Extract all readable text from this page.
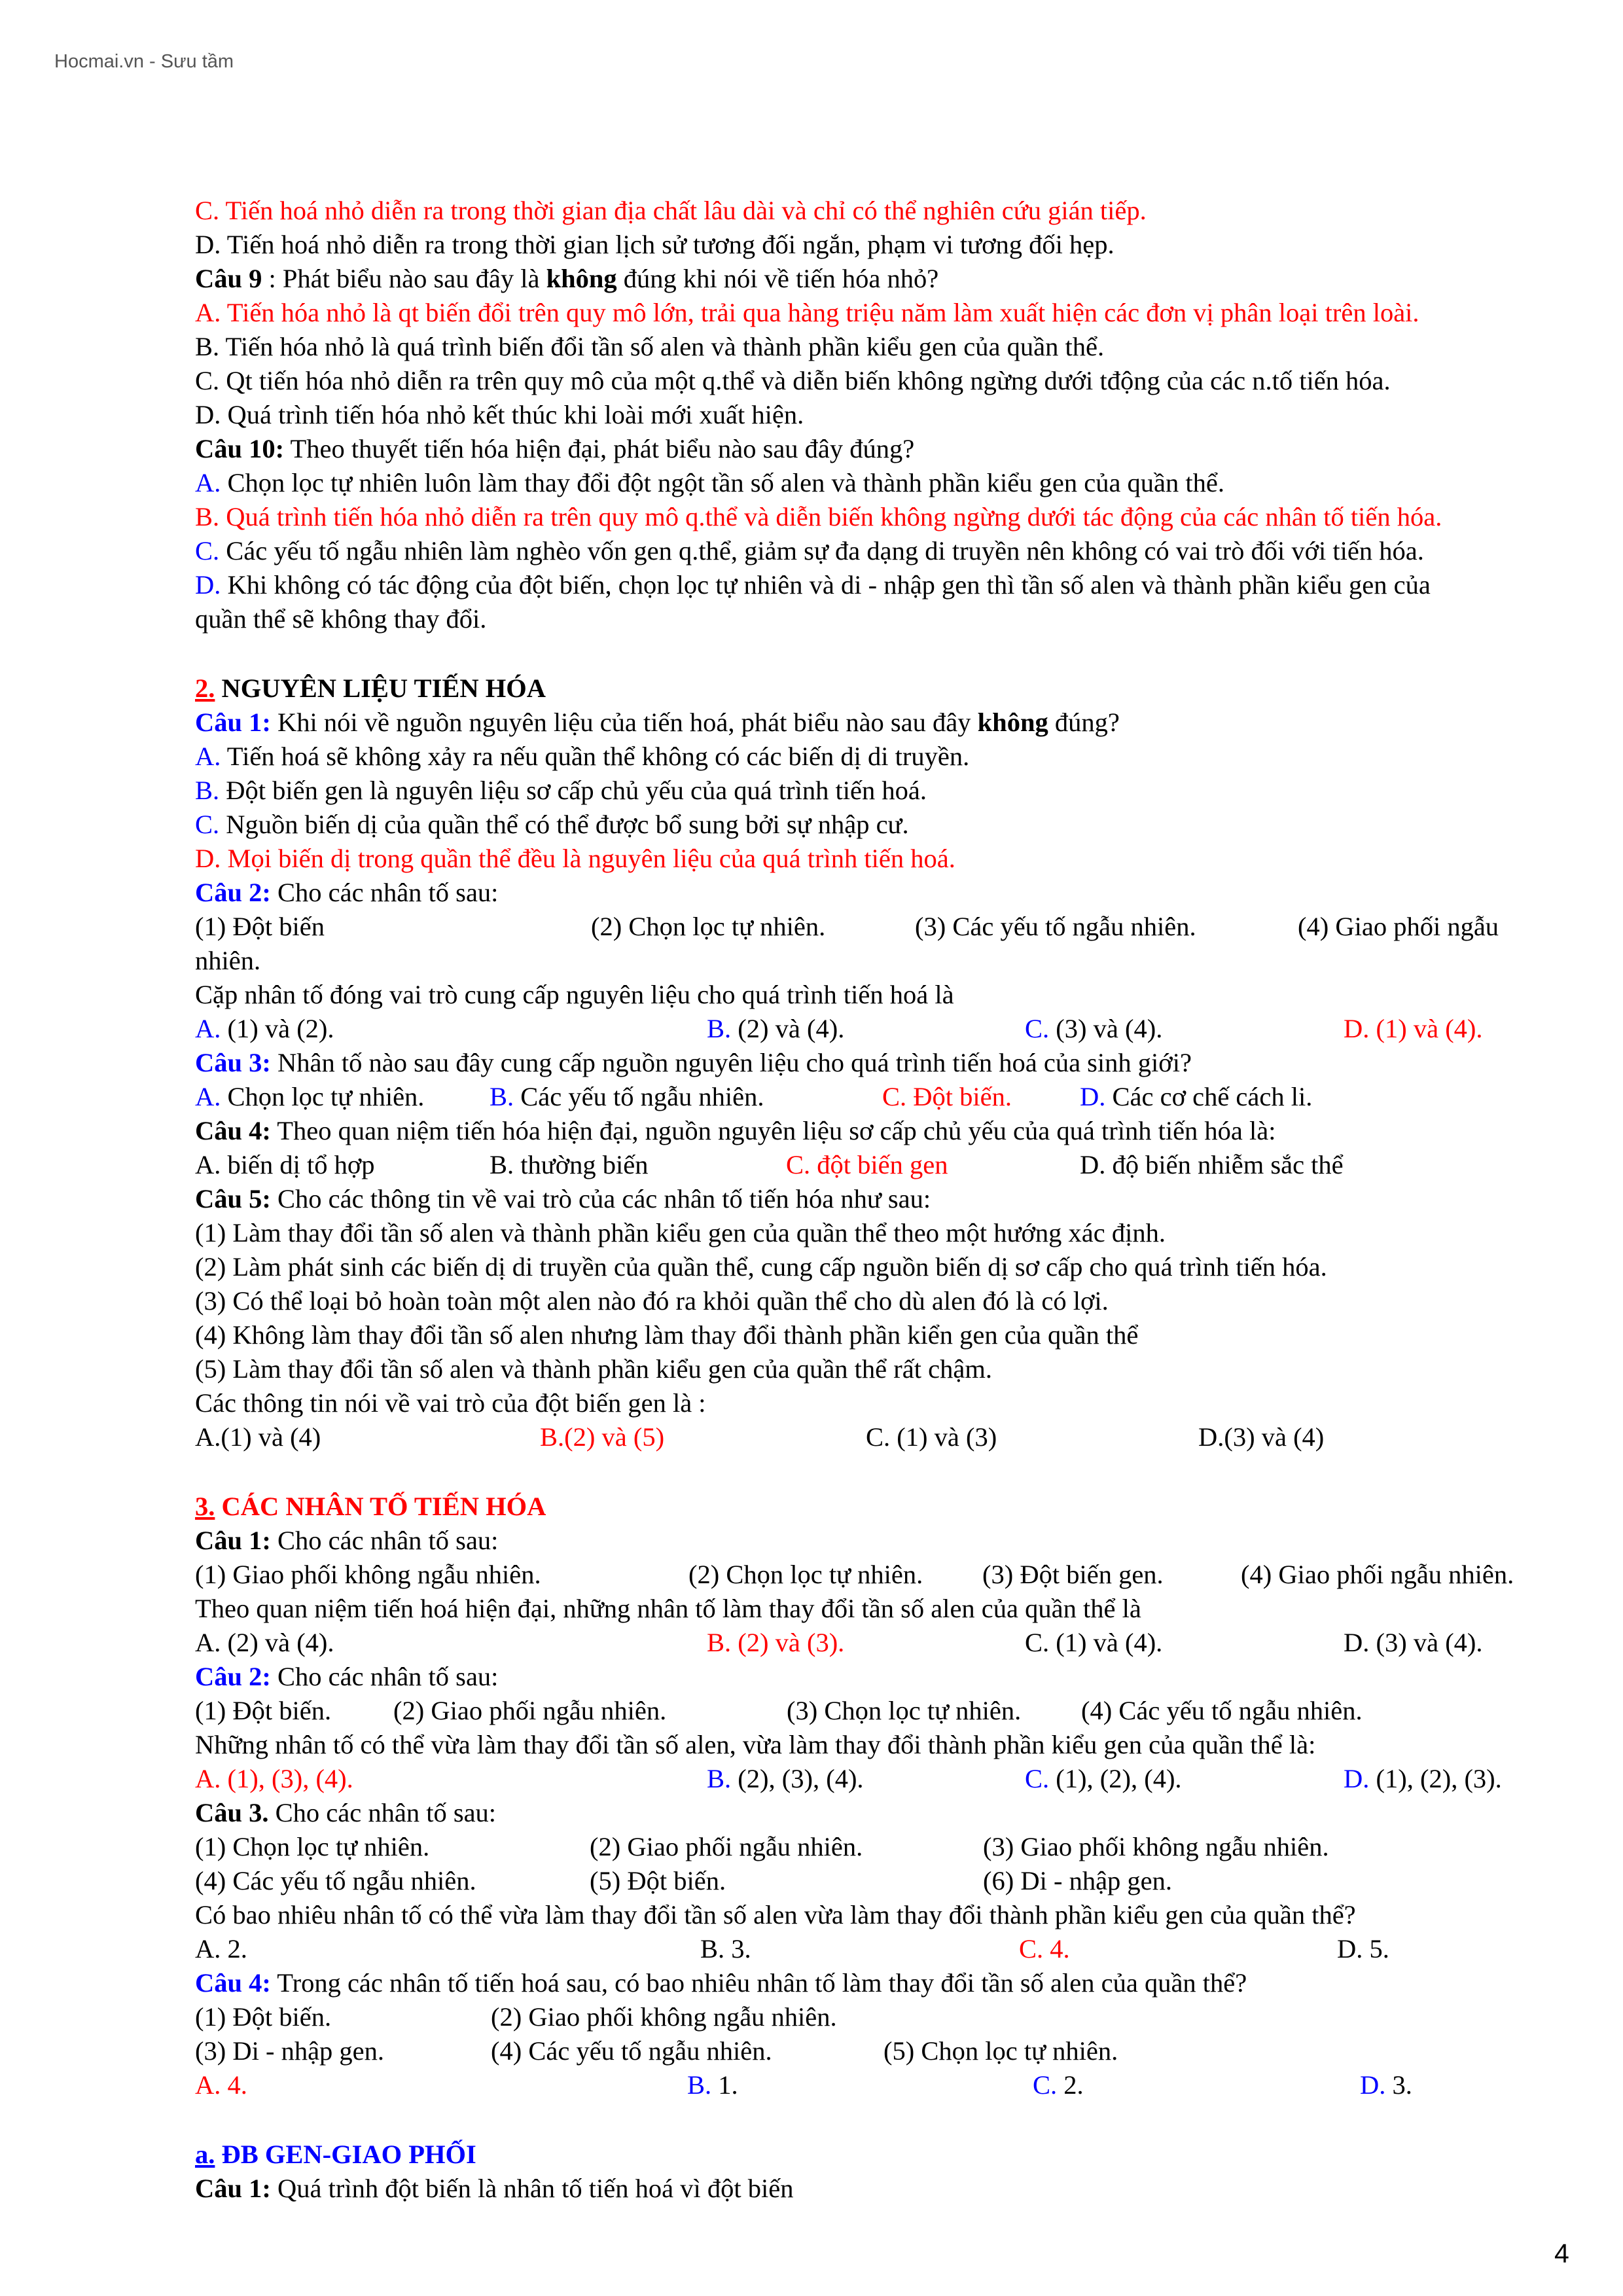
Hocmai.vn - Sưu tầm
C. Tiến hoá nhỏ diễn ra trong thời gian địa chất lâu dài và chỉ có thể nghiên cứu gián tiếp.
D. Tiến hoá nhỏ diễn ra trong thời gian lịch sử tương đối ngắn, phạm vi tương đối hẹp.
Câu 9 : Phát biểu nào sau đây là không đúng khi nói về tiến hóa nhỏ?
A. Tiến hóa nhỏ là qt biến đổi trên quy mô lớn, trải qua hàng triệu năm làm xuất hiện các đơn vị phân loại trên loài.
B. Tiến hóa nhỏ là quá trình biến đổi tần số alen và thành phần kiểu gen của quần thể.
C. Qt tiến hóa nhỏ diễn ra trên quy mô của một q.thể và diễn biến không ngừng dưới tđộng của các n.tố tiến hóa.
D. Quá trình tiến hóa nhỏ kết thúc khi loài mới xuất hiện.
Câu 10: Theo thuyết tiến hóa hiện đại, phát biểu nào sau đây đúng?
A. Chọn lọc tự nhiên luôn làm thay đổi đột ngột tần số alen và thành phần kiểu gen của quần thể.
B. Quá trình tiến hóa nhỏ diễn ra trên quy mô q.thể và diễn biến không ngừng dưới tác động của các nhân tố tiến hóa.
C. Các yếu tố ngẫu nhiên làm nghèo vốn gen q.thể, giảm sự đa dạng di truyền nên không có vai trò đối với tiến hóa.
D. Khi không có tác động của đột biến, chọn lọc tự nhiên và di - nhập gen thì tần số alen và thành phần kiểu gen của
quần thể sẽ không thay đổi.
2. NGUYÊN LIỆU TIẾN HÓA
Câu 1: Khi nói về nguồn nguyên liệu của tiến hoá, phát biểu nào sau đây không đúng?
A. Tiến hoá sẽ không xảy ra nếu quần thể không có các biến dị di truyền.
B. Đột biến gen là nguyên liệu sơ cấp chủ yếu của quá trình tiến hoá.
C. Nguồn biến dị của quần thể có thể được bổ sung bởi sự nhập cư.
D. Mọi biến dị trong quần thể đều là nguyên liệu của quá trình tiến hoá.
Câu 2: Cho các nhân tố sau:
(1) Đột biến	(2) Chọn lọc tự nhiên.	(3) Các yếu tố ngẫu nhiên.	(4) Giao phối ngẫu
nhiên.
Cặp nhân tố đóng vai trò cung cấp nguyên liệu cho quá trình tiến hoá là
A. (1) và (2).	B. (2) và (4).	C. (3) và (4).	D. (1) và (4).
Câu 3: Nhân tố nào sau đây cung cấp nguồn nguyên liệu cho quá trình tiến hoá của sinh giới?
A. Chọn lọc tự nhiên. B. Các yếu tố ngẫu nhiên.	C. Đột biến.	D. Các cơ chế cách li.
Câu 4: Theo quan niệm tiến hóa hiện đại, nguồn nguyên liệu sơ cấp chủ yếu của quá trình tiến hóa là:
A. biến dị tổ hợp	B. thường biến	C. đột biến gen	D. độ biến nhiễm sắc thể
Câu 5: Cho các thông tin về vai trò của các nhân tố tiến hóa như sau:
(1) Làm thay đổi tần số alen và thành phần kiểu gen của quần thể theo một hướng xác định.
(2) Làm phát sinh các biến dị di truyền của quần thể, cung cấp nguồn biến dị sơ cấp cho quá trình tiến hóa.
(3) Có thể loại bỏ hoàn toàn một alen nào đó ra khỏi quần thể cho dù alen đó là có lợi.
(4) Không làm thay đổi tần số alen nhưng làm thay đổi thành phần kiển gen của quần thể
(5) Làm thay đổi tần số alen và thành phần kiểu gen của quần thể rất chậm.
Các thông tin nói về vai trò của đột biến gen là :
A.(1) và (4)	B.(2) và (5)	C. (1) và (3)	D.(3) và (4)
3. CÁC NHÂN TỐ TIẾN HÓA
Câu 1: Cho các nhân tố sau:
(1) Giao phối không ngẫu nhiên.	(2) Chọn lọc tự nhiên. (3) Đột biến gen.	(4) Giao phối ngẫu nhiên.
Theo quan niệm tiến hoá hiện đại, những nhân tố làm thay đổi tần số alen của quần thể là
A. (2) và (4).	B. (2) và (3).	C. (1) và (4).	D. (3) và (4).
Câu 2: Cho các nhân tố sau:
(1) Đột biến. (2) Giao phối ngẫu nhiên.	(3) Chọn lọc tự nhiên. (4) Các yếu tố ngẫu nhiên.
Những nhân tố có thể vừa làm thay đổi tần số alen, vừa làm thay đổi thành phần kiểu gen của quần thể là:
A. (1), (3), (4).	B. (2), (3), (4).	C. (1), (2), (4).	D. (1), (2), (3).
Câu 3. Cho các nhân tố sau:
(1) Chọn lọc tự nhiên.	(2) Giao phối ngẫu nhiên.	(3) Giao phối không ngẫu nhiên.
(4) Các yếu tố ngẫu nhiên.	(5) Đột biến.	(6) Di - nhập gen.
Có bao nhiêu nhân tố có thể vừa làm thay đổi tần số alen vừa làm thay đổi thành phần kiểu gen của quần thể?
A. 2.	B. 3.	C. 4.	D. 5.
Câu 4: Trong các nhân tố tiến hoá sau, có bao nhiêu nhân tố làm thay đổi tần số alen của quần thể?
(1) Đột biến.	(2) Giao phối không ngẫu nhiên.
(3) Di - nhập gen.	(4) Các yếu tố ngẫu nhiên.	(5) Chọn lọc tự nhiên.
A. 4.	B. 1.	C. 2.	D. 3.
a. ĐB GEN-GIAO PHỐI
Câu 1: Quá trình đột biến là nhân tố tiến hoá vì đột biến
4
